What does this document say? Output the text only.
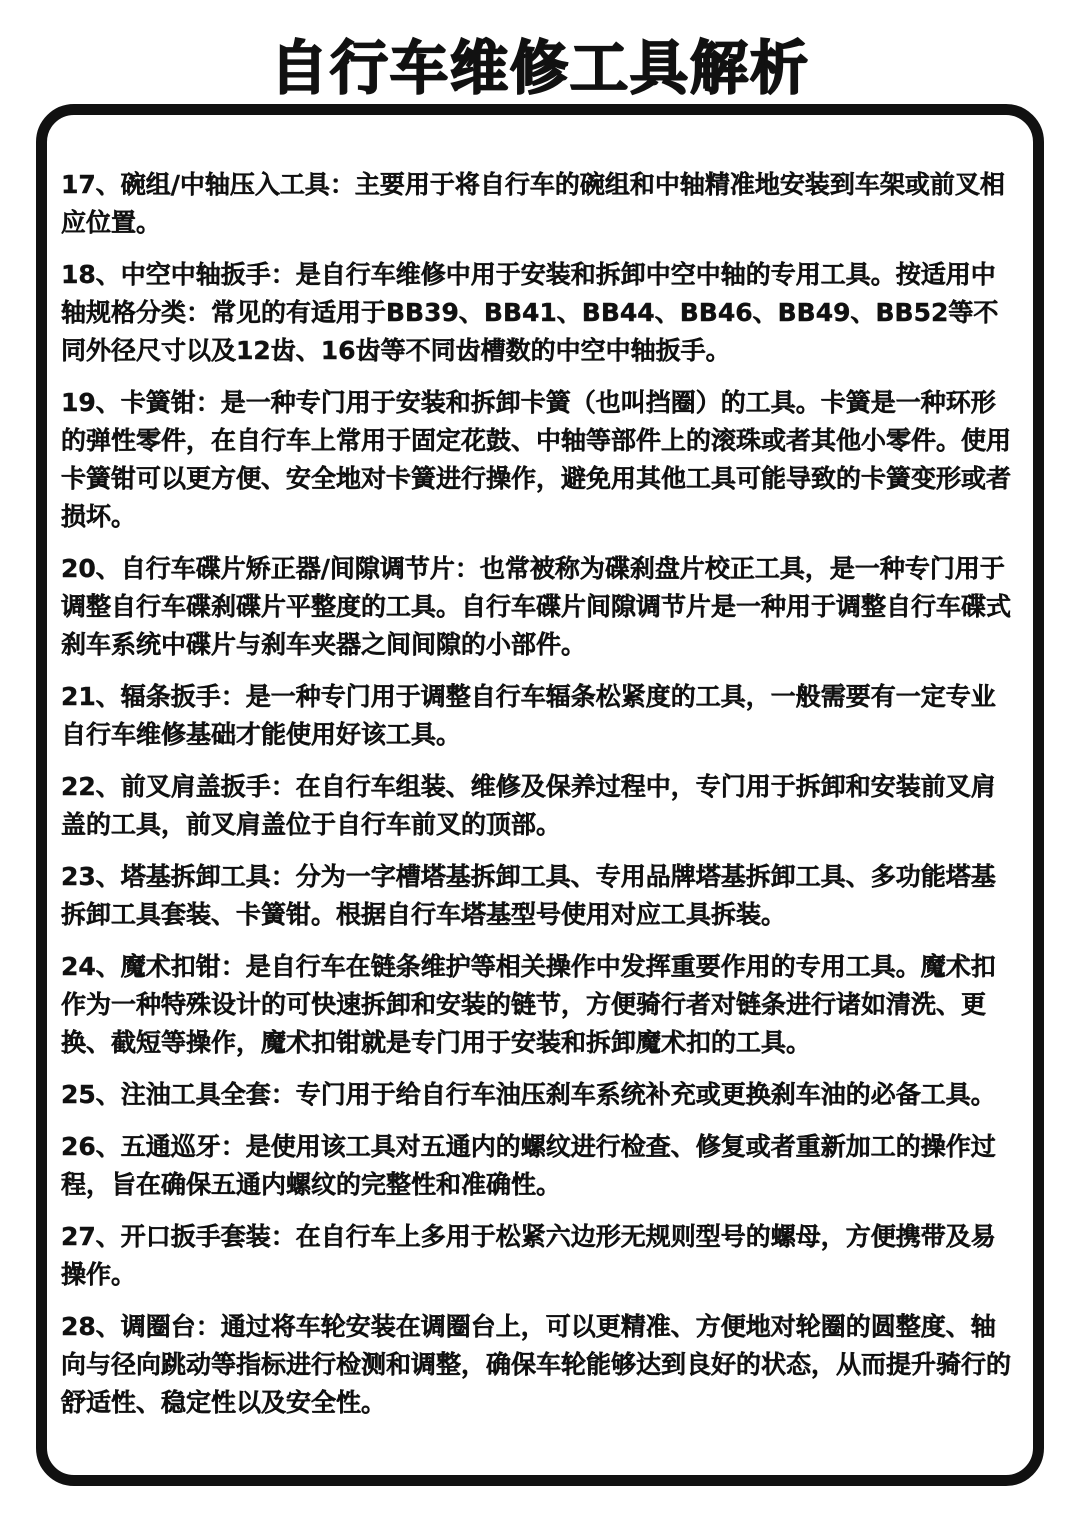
自行车维修工具解析

17、碗组/中轴压入工具：主要用于将自行车的碗组和中轴精准地安装到车架或前叉相应位置。

18、中空中轴扳手：是自行车维修中用于安装和拆卸中空中轴的专用工具。按适用中轴规格分类：常见的有适用于BB39、BB41、BB44、BB46、BB49、BB52等不同外径尺寸以及12齿、16齿等不同齿槽数的中空中轴扳手。

19、卡簧钳：是一种专门用于安装和拆卸卡簧（也叫挡圈）的工具。卡簧是一种环形的弹性零件，在自行车上常用于固定花鼓、中轴等部件上的滚珠或者其他小零件。使用卡簧钳可以更方便、安全地对卡簧进行操作，避免用其他工具可能导致的卡簧变形或者损坏。

20、自行车碟片矫正器/间隙调节片：也常被称为碟刹盘片校正工具，是一种专门用于调整自行车碟刹碟片平整度的工具。自行车碟片间隙调节片是一种用于调整自行车碟式刹车系统中碟片与刹车夹器之间间隙的小部件。

21、辐条扳手：是一种专门用于调整自行车辐条松紧度的工具，一般需要有一定专业自行车维修基础才能使用好该工具。

22、前叉肩盖扳手：在自行车组装、维修及保养过程中，专门用于拆卸和安装前叉肩盖的工具，前叉肩盖位于自行车前叉的顶部。

23、塔基拆卸工具：分为一字槽塔基拆卸工具、专用品牌塔基拆卸工具、多功能塔基拆卸工具套装、卡簧钳。根据自行车塔基型号使用对应工具拆装。

24、魔术扣钳：是自行车在链条维护等相关操作中发挥重要作用的专用工具。魔术扣作为一种特殊设计的可快速拆卸和安装的链节，方便骑行者对链条进行诸如清洗、更换、截短等操作，魔术扣钳就是专门用于安装和拆卸魔术扣的工具。

25、注油工具全套：专门用于给自行车油压刹车系统补充或更换刹车油的必备工具。

26、五通巡牙：是使用该工具对五通内的螺纹进行检查、修复或者重新加工的操作过程，旨在确保五通内螺纹的完整性和准确性。

27、开口扳手套装：在自行车上多用于松紧六边形无规则型号的螺母，方便携带及易操作。

28、调圈台：通过将车轮安装在调圈台上，可以更精准、方便地对轮圈的圆整度、轴向与径向跳动等指标进行检测和调整，确保车轮能够达到良好的状态，从而提升骑行的舒适性、稳定性以及安全性。
